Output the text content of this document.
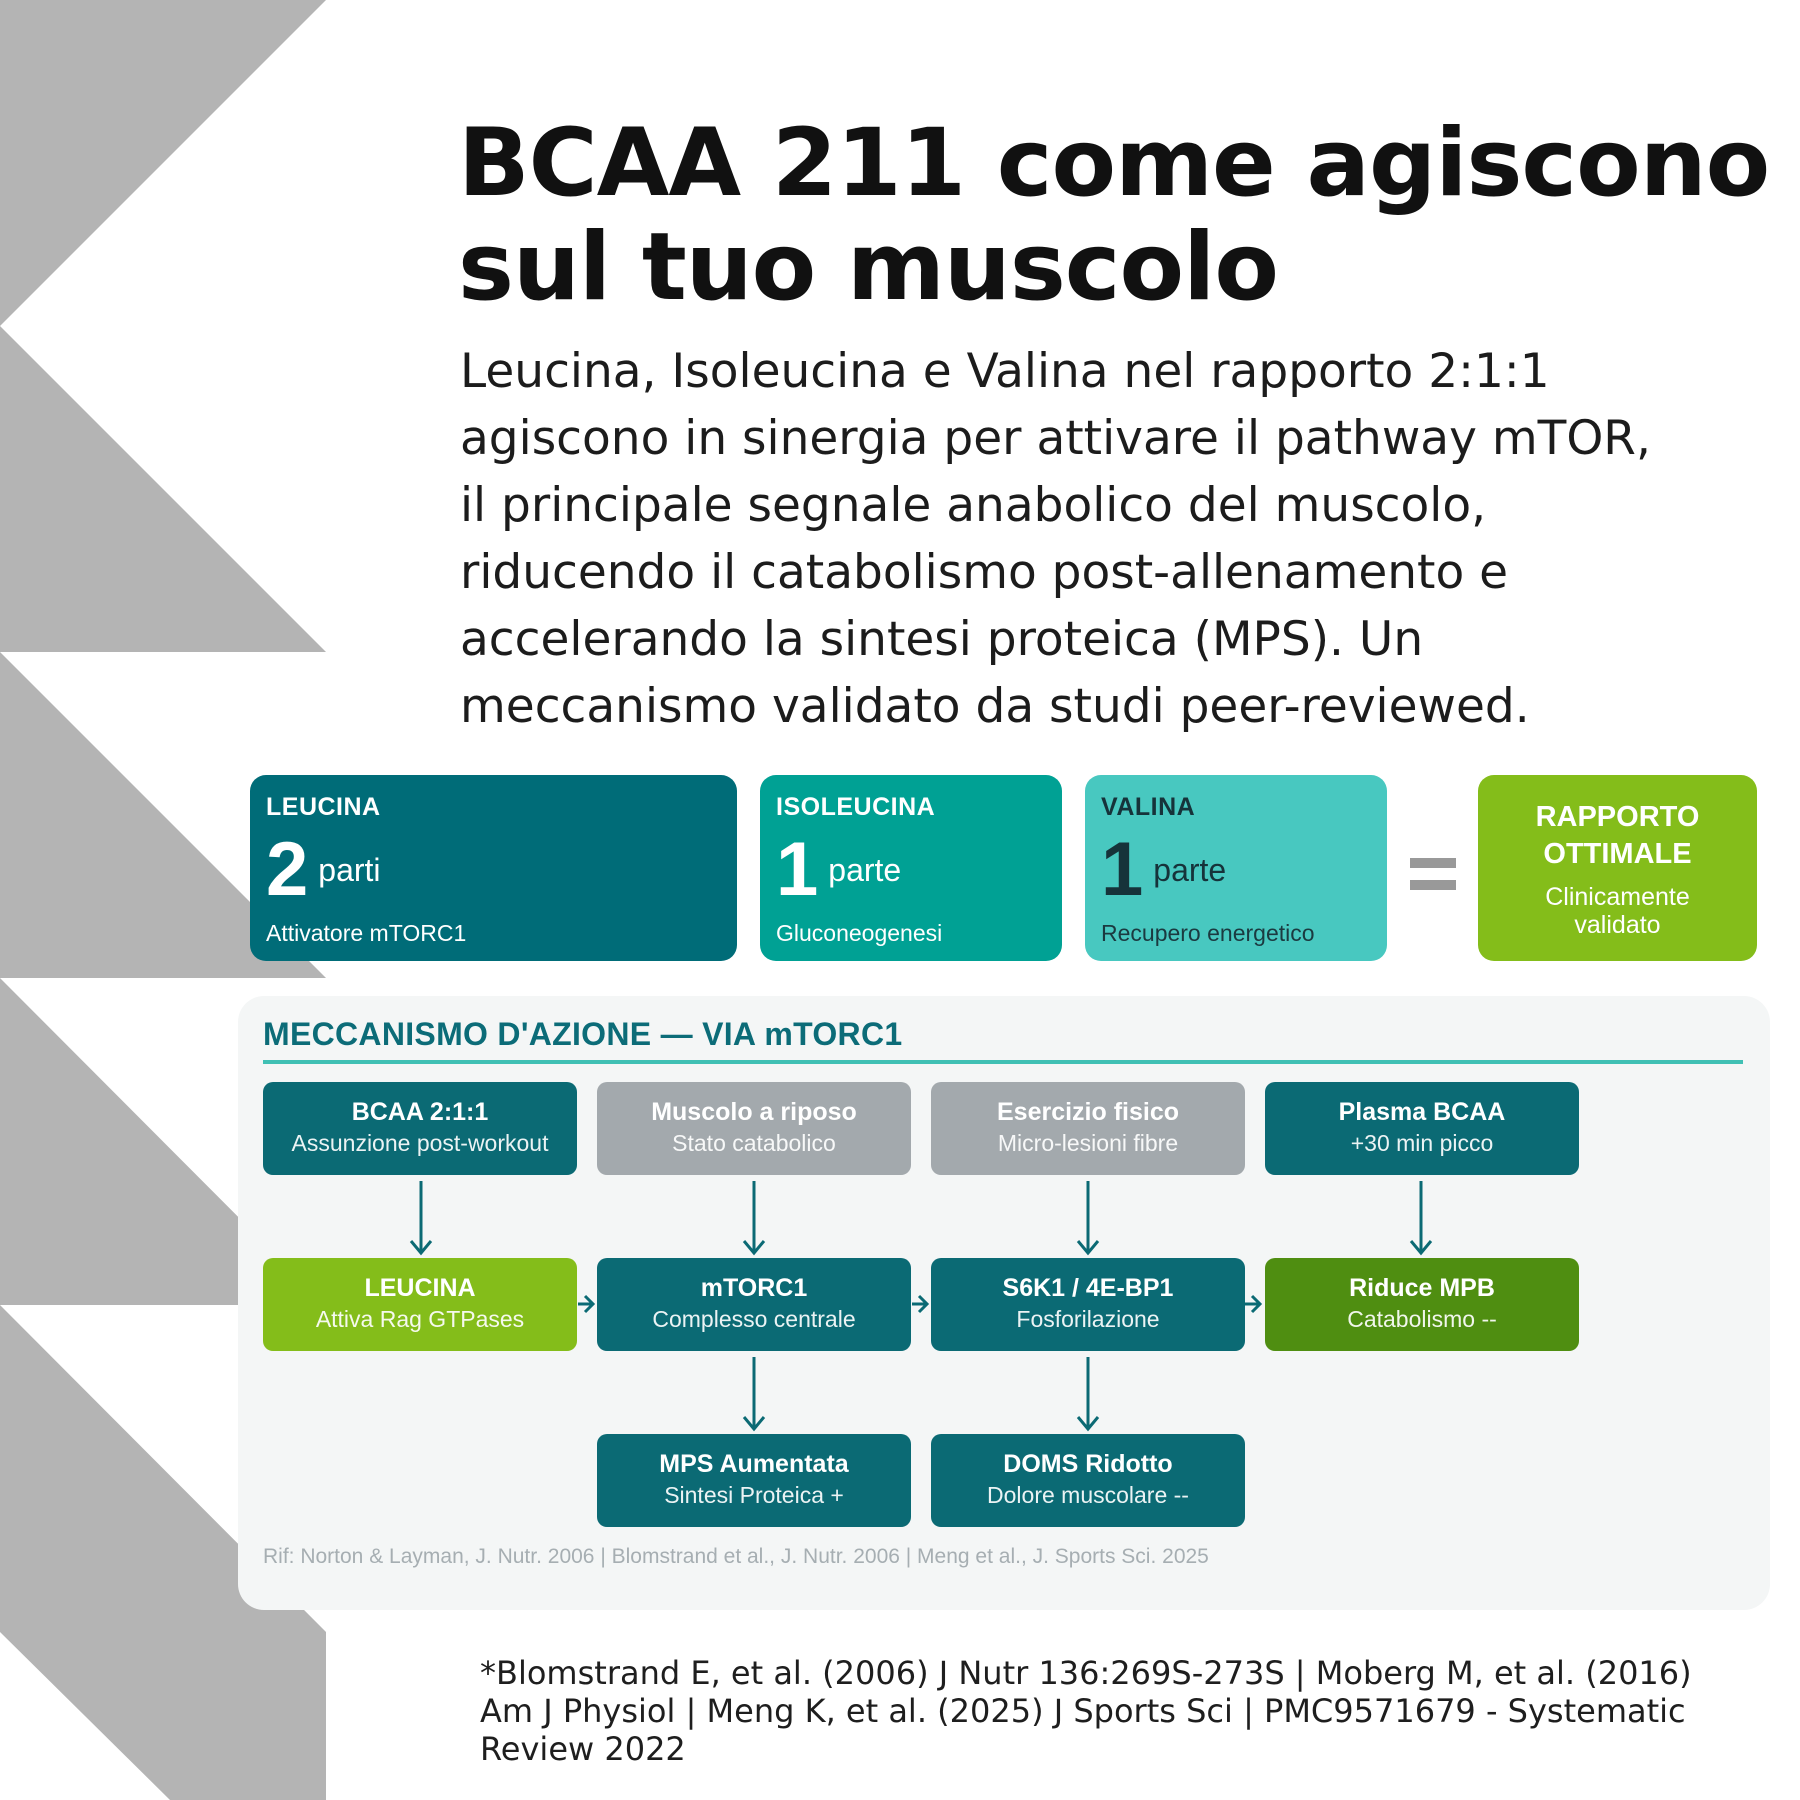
BCAA 211 come agiscono
sul tuo muscolo

Leucina, Isoleucina e Valina nel rapporto 2:1:1
agiscono in sinergia per attivare il pathway mTOR,
il principale segnale anabolico del muscolo,
riducendo il catabolismo post-allenamento e
accelerando la sintesi proteica (MPS). Un
meccanismo validato da studi peer-reviewed.

LEUCINA
2 parti
Attivatore mTORC1
ISOLEUCINA
1 parte
Gluconeogenesi
VALINA
1 parte
Recupero energetico
RAPPORTO OTTIMALE
Clinicamente validato
MECCANISMO D'AZIONE — VIA mTORC1
BCAA 2:1:1
Assunzione post-workout
Muscolo a riposo
Stato catabolico
Esercizio fisico
Micro-lesioni fibre
Plasma BCAA
+30 min picco
LEUCINA
Attiva Rag GTPases
mTORC1
Complesso centrale
S6K1 / 4E-BP1
Fosforilazione
Riduce MPB
Catabolismo --
MPS Aumentata
Sintesi Proteica +
DOMS Ridotto
Dolore muscolare --
Rif: Norton & Layman, J. Nutr. 2006 | Blomstrand et al., J. Nutr. 2006 | Meng et al., J. Sports Sci. 2025

*Blomstrand E, et al. (2006) J Nutr 136:269S-273S | Moberg M, et al. (2016)
Am J Physiol | Meng K, et al. (2025) J Sports Sci | PMC9571679 - Systematic
Review 2022
